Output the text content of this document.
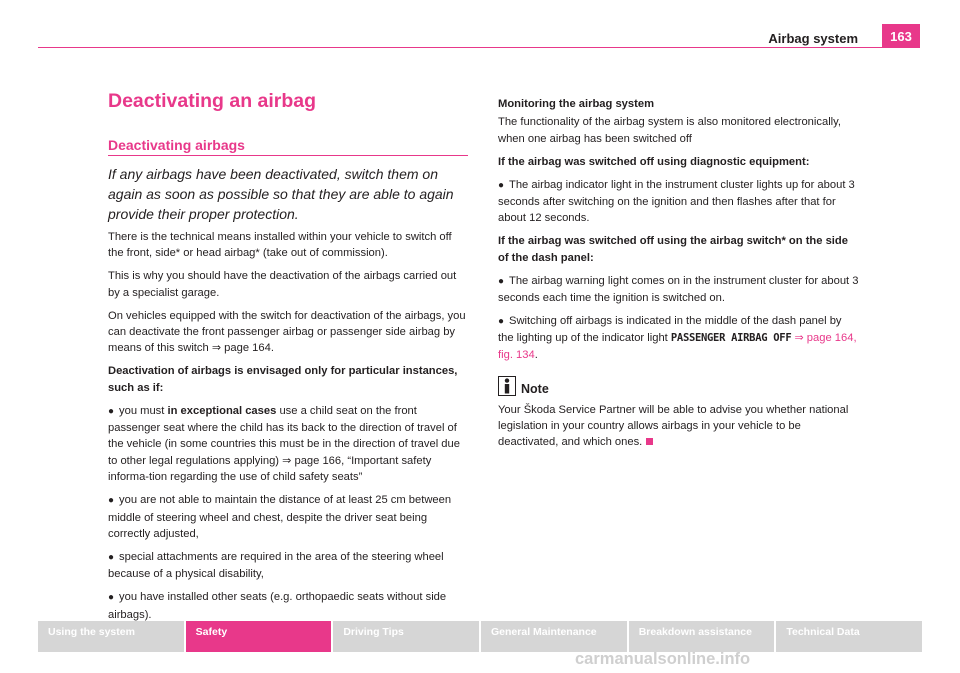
Airbag system	163
Deactivating an airbag
Deactivating airbags
If any airbags have been deactivated, switch them on again as soon as possible so that they are able to again provide their proper protection.

There is the technical means installed within your vehicle to switch off the front, side* or head airbag* (take out of commission).

This is why you should have the deactivation of the airbags carried out by a specialist garage.

On vehicles equipped with the switch for deactivation of the airbags, you can deactivate the front passenger airbag or passenger side airbag by means of this switch ⇒ page 164.

Deactivation of airbags is envisaged only for particular instances, such as if:

● you must in exceptional cases use a child seat on the front passenger seat where the child has its back to the direction of travel of the vehicle (in some countries this must be in the direction of travel due to other legal regulations applying) ⇒ page 166, “Important safety informa-tion regarding the use of child safety seats”

● you are not able to maintain the distance of at least 25 cm between middle of steering wheel and chest, despite the driver seat being correctly adjusted,

● special attachments are required in the area of the steering wheel because of a physical disability,

● you have installed other seats (e.g. orthopaedic seats without side airbags).

Monitoring the airbag system

The functionality of the airbag system is also monitored electronically, when one airbag has been switched off

If the airbag was switched off using diagnostic equipment:

● The airbag indicator light in the instrument cluster lights up for about 3 seconds after switching on the ignition and then flashes after that for about 12 seconds.

If the airbag was switched off using the airbag switch* on the side of the dash panel:

● The airbag warning light comes on in the instrument cluster for about 3 seconds each time the ignition is switched on.

● Switching off airbags is indicated in the middle of the dash panel by the lighting up of the indicator light PASSENGER AIRBAG OFF ⇒ page 164, fig. 134.

Note

Your Škoda Service Partner will be able to advise you whether national legislation in your country allows airbags in your vehicle to be deactivated, and which ones.

Using the system	Safety	Driving Tips	General Maintenance	Breakdown assistance	Technical Data
carmanualsonline.info
